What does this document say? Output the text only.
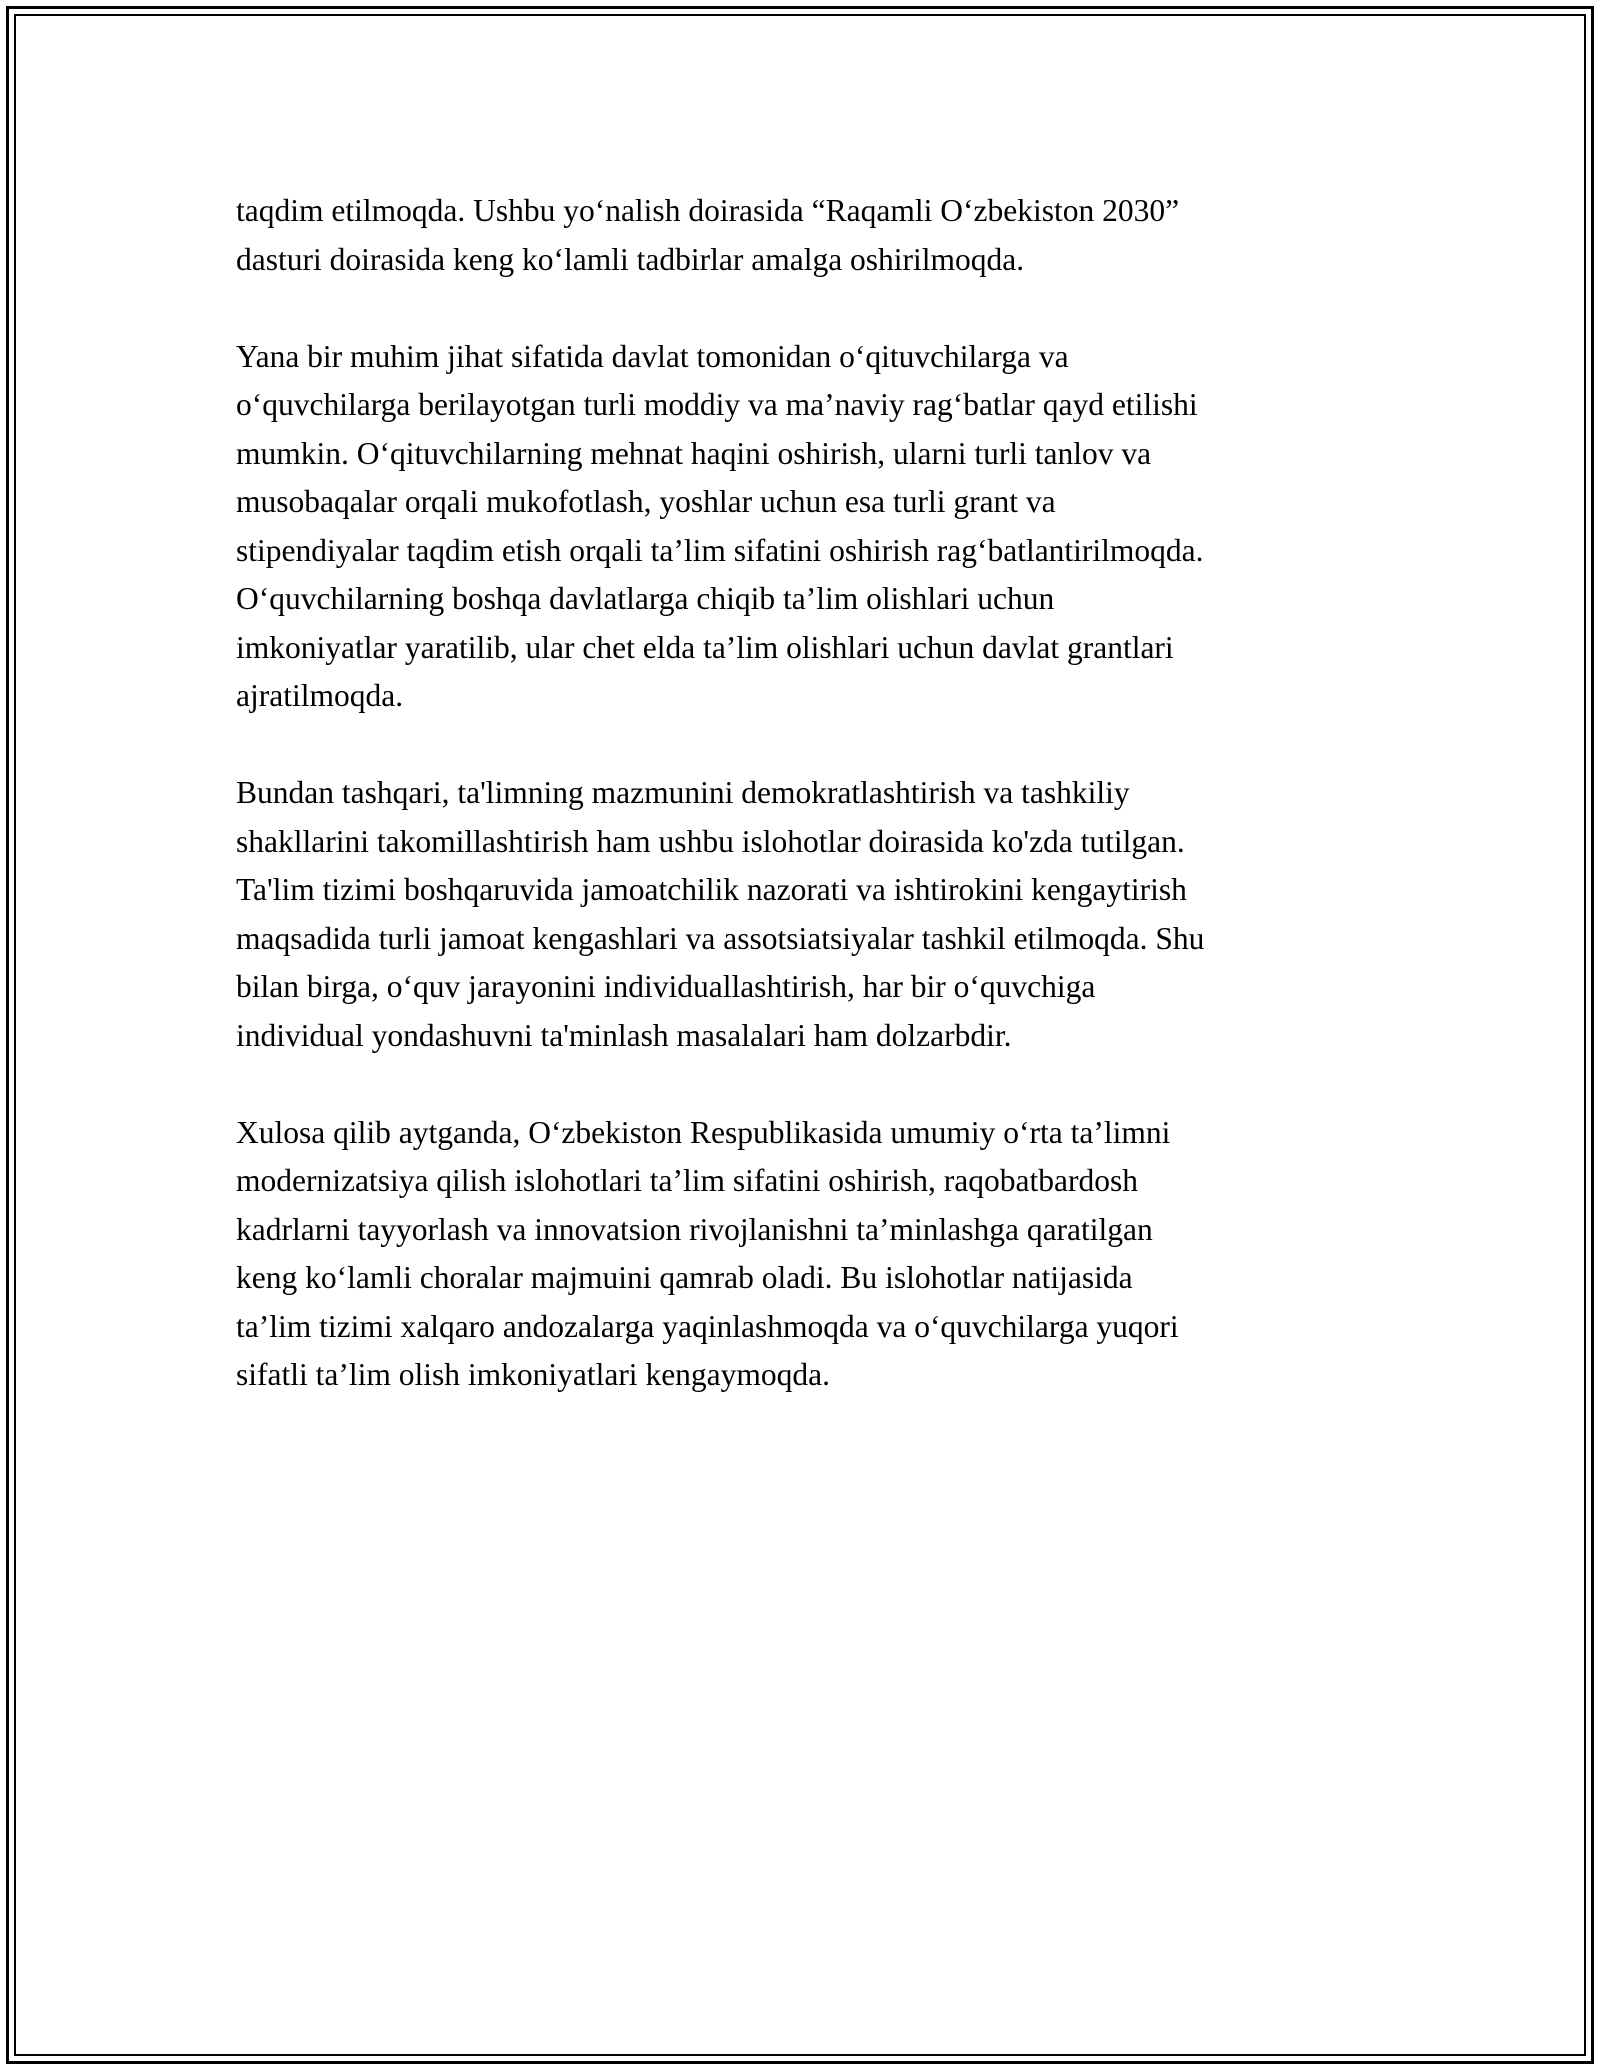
taqdim etilmoqda. Ushbu yo‘nalish doirasida “Raqamli O‘zbekiston 2030”
dasturi doirasida keng ko‘lamli tadbirlar amalga oshirilmoqda.

Yana bir muhim jihat sifatida davlat tomonidan o‘qituvchilarga va
o‘quvchilarga berilayotgan turli moddiy va ma’naviy rag‘batlar qayd etilishi
mumkin. O‘qituvchilarning mehnat haqini oshirish, ularni turli tanlov va
musobaqalar orqali mukofotlash, yoshlar uchun esa turli grant va
stipendiyalar taqdim etish orqali ta’lim sifatini oshirish rag‘batlantirilmoqda.
O‘quvchilarning boshqa davlatlarga chiqib ta’lim olishlari uchun
imkoniyatlar yaratilib, ular chet elda ta’lim olishlari uchun davlat grantlari
ajratilmoqda.

Bundan tashqari, ta'limning mazmunini demokratlashtirish va tashkiliy
shakllarini takomillashtirish ham ushbu islohotlar doirasida ko'zda tutilgan.
Ta'lim tizimi boshqaruvida jamoatchilik nazorati va ishtirokini kengaytirish
maqsadida turli jamoat kengashlari va assotsiatsiyalar tashkil etilmoqda. Shu
bilan birga, o‘quv jarayonini individuallashtirish, har bir o‘quvchiga
individual yondashuvni ta'minlash masalalari ham dolzarbdir.

Xulosa qilib aytganda, O‘zbekiston Respublikasida umumiy o‘rta ta’limni
modernizatsiya qilish islohotlari ta’lim sifatini oshirish, raqobatbardosh
kadrlarni tayyorlash va innovatsion rivojlanishni ta’minlashga qaratilgan
keng ko‘lamli choralar majmuini qamrab oladi. Bu islohotlar natijasida
ta’lim tizimi xalqaro andozalarga yaqinlashmoqda va o‘quvchilarga yuqori
sifatli ta’lim olish imkoniyatlari kengaymoqda.
